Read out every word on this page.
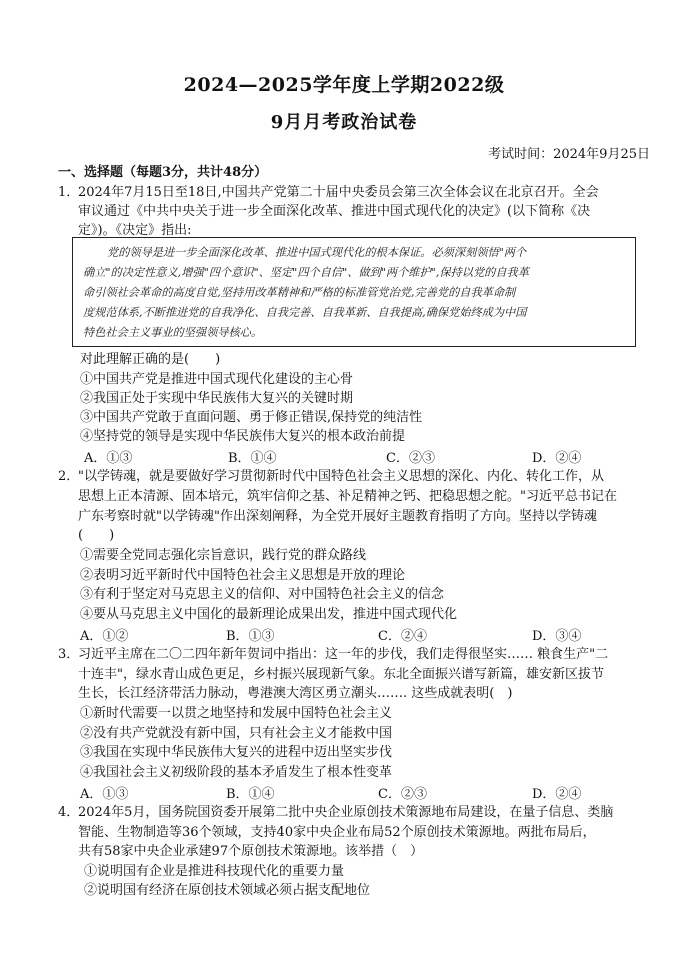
2024—2025学年度上学期2022级
9月月考政治试卷
考试时间：2024年9月25日
一、选择题（每题3分，共计48分）
1．
2024年7月15日至18日,中国共产党第二十届中央委员会第三次全体会议在北京召开。全会
审议通过《中共中央关于进一步全面深化改革、推进中国式现代化的决定》(以下简称《决
定》)。《决定》指出:
党的领导是进一步全面深化改革、推进中国式现代化的根本保证。必须深刻领悟"两个
确立"的决定性意义,增强"四个意识"、坚定"四个自信"、做到"两个维护",保持以党的自我革
命引领社会革命的高度自觉,坚持用改革精神和严格的标准管党治党,完善党的自我革命制
度规范体系,不断推进党的自我净化、自我完善、自我革新、自我提高,确保党始终成为中国
特色社会主义事业的坚强领导核心。
对此理解正确的是(　　)
①中国共产党是推进中国式现代化建设的主心骨
②我国正处于实现中华民族伟大复兴的关键时期
③中国共产党敢于直面问题、勇于修正错误,保持党的纯洁性
④坚持党的领导是实现中华民族伟大复兴的根本政治前提
A．①③	B．①④	C．②③	D．②④
2．
"以学铸魂，就是要做好学习贯彻新时代中国特色社会主义思想的深化、内化、转化工作，从
思想上正本清源、固本培元，筑牢信仰之基、补足精神之钙、把稳思想之舵。"习近平总书记在
广东考察时就"以学铸魂"作出深刻阐释，为全党开展好主题教育指明了方向。坚持以学铸魂
(　　)
①需要全党同志强化宗旨意识，践行党的群众路线
②表明习近平新时代中国特色社会主义思想是开放的理论
③有利于坚定对马克思主义的信仰、对中国特色社会主义的信念
④要从马克思主义中国化的最新理论成果出发，推进中国式现代化
A．①②	B．①③	C．②④	D．③④
3．
习近平主席在二〇二四年新年贺词中指出：这一年的步伐，我们走得很坚实…… 粮食生产"二
十连丰"，绿水青山成色更足，乡村振兴展现新气象。东北全面振兴谱写新篇，雄安新区拔节
生长，长江经济带活力脉动，粤港澳大湾区勇立潮头……. 这些成就表明(　)
①新时代需要一以贯之地坚持和发展中国特色社会主义
②没有共产党就没有新中国，只有社会主义才能救中国
③我国在实现中华民族伟大复兴的进程中迈出坚实步伐
④我国社会主义初级阶段的基本矛盾发生了根本性变革
A．①③	B．①④	C．②③	D．②④
4．
2024年5月，国务院国资委开展第二批中央企业原创技术策源地布局建设，在量子信息、类脑
智能、生物制造等36个领域，支持40家中央企业布局52个原创技术策源地。两批布局后，
共有58家中央企业承建97个原创技术策源地。该举措（　）
①说明国有企业是推进科技现代化的重要力量
②说明国有经济在原创技术领域必须占据支配地位
